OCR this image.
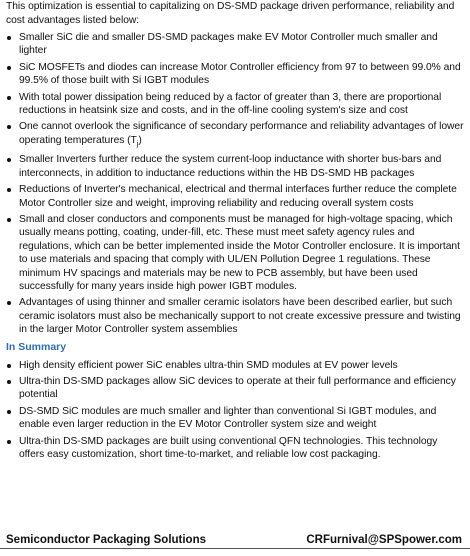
This optimization is essential to capitalizing on DS-SMD package driven performance, reliability and cost advantages listed below:

Smaller SiC die and smaller DS-SMD packages make EV Motor Controller much smaller and lighter
SiC MOSFETs and diodes can increase Motor Controller efficiency from 97 to between 99.0% and 99.5% of those built with Si IGBT modules
With total power dissipation being reduced by a factor of greater than 3, there are proportional reductions in heatsink size and costs, and in the off-line cooling system's size and cost
One cannot overlook the significance of secondary performance and reliability advantages of lower operating temperatures $(T_j)$
Smaller Inverters further reduce the system current-loop inductance with shorter bus-bars and interconnects, in addition to inductance reductions within the HB DS-SMD HB packages
Reductions of Inverter's mechanical, electrical and thermal interfaces further reduce the complete Motor Controller size and weight, improving reliability and reducing overall system costs
Small and closer conductors and components must be managed for high-voltage spacing, which usually means potting, coating, under-fill, etc. These must meet safety agency rules and regulations, which can be better implemented inside the Motor Controller enclosure. It is important to use materials and spacing that comply with UL/EN Pollution Degree 1 regulations. These minimum HV spacings and materials may be new to PCB assembly, but have been used successfully for many years inside high power IGBT modules.
Advantages of using thinner and smaller ceramic isolators have been described earlier, but such ceramic isolators must also be mechanically support to not create excessive pressure and twisting in the larger Motor Controller system assemblies
In Summary
High density efficient power SiC enables ultra-thin SMD modules at EV power levels
Ultra-thin DS-SMD packages allow SiC devices to operate at their full performance and efficiency potential
DS-SMD SiC modules are much smaller and lighter than conventional Si IGBT modules, and enable even larger reduction in the EV Motor Controller system size and weight
Ultra-thin DS-SMD packages are built using conventional QFN technologies. This technology offers easy customization, short time-to-market, and reliable low cost packaging.
Semiconductor Packaging Solutions	CRFurnival@SPSpower.com
